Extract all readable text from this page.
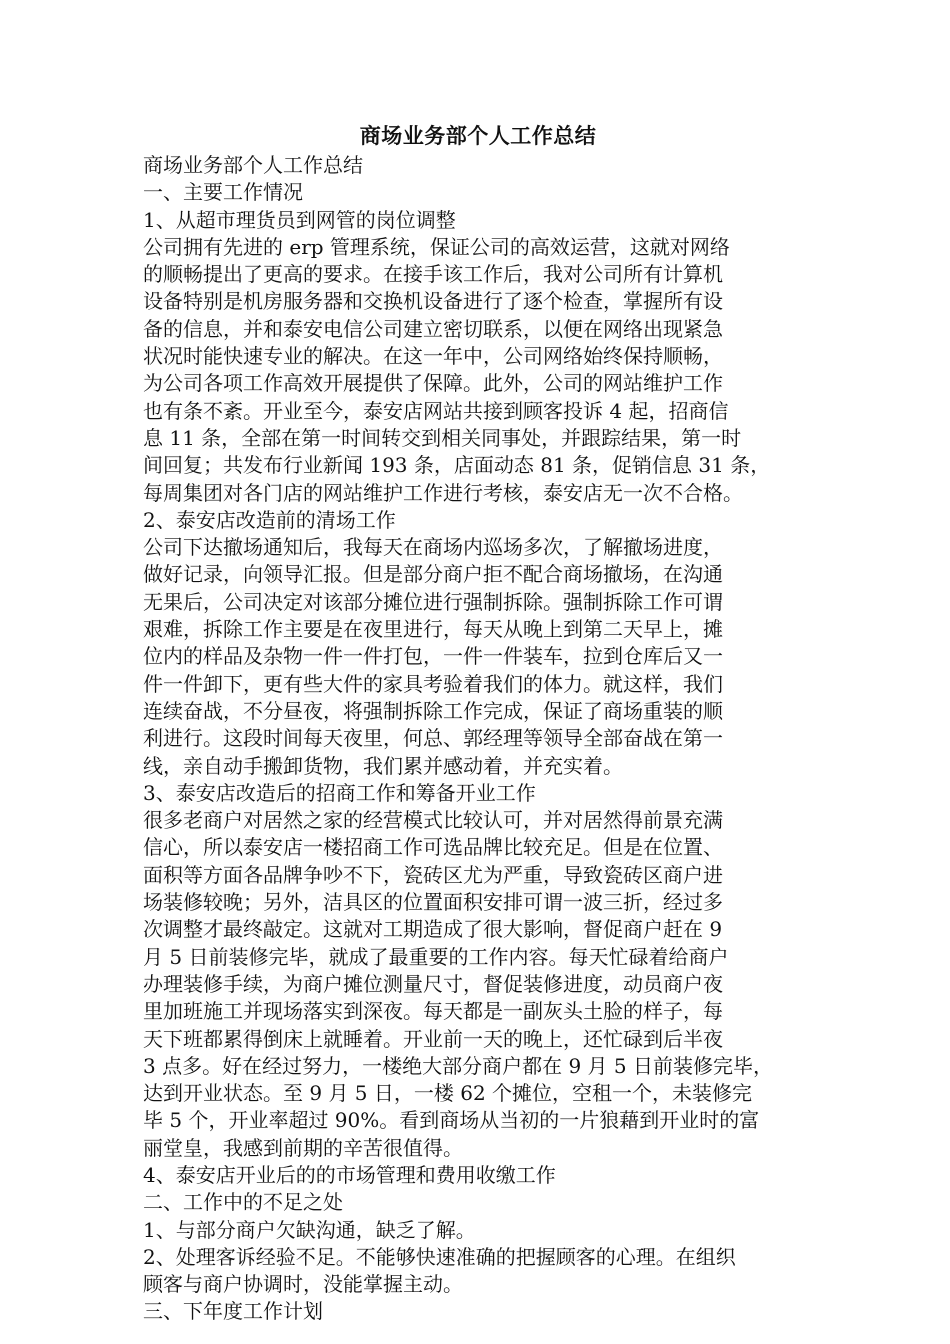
商场业务部个人工作总结

商场业务部个人工作总结

一、主要工作情况

1、从超市理货员到网管的岗位调整

公司拥有先进的 erp 管理系统，保证公司的高效运营，这就对网络
的顺畅提出了更高的要求。在接手该工作后，我对公司所有计算机
设备特别是机房服务器和交换机设备进行了逐个检查，掌握所有设
备的信息，并和泰安电信公司建立密切联系，以便在网络出现紧急
状况时能快速专业的解决。在这一年中，公司网络始终保持顺畅，
为公司各项工作高效开展提供了保障。此外，公司的网站维护工作
也有条不紊。开业至今，泰安店网站共接到顾客投诉 4 起，招商信
息 11 条，全部在第一时间转交到相关同事处，并跟踪结果，第一时
间回复；共发布行业新闻 193 条，店面动态 81 条，促销信息 31 条，
每周集团对各门店的网站维护工作进行考核，泰安店无一次不合格。

2、泰安店改造前的清场工作

公司下达撤场通知后，我每天在商场内巡场多次，了解撤场进度，
做好记录，向领导汇报。但是部分商户拒不配合商场撤场，在沟通
无果后，公司决定对该部分摊位进行强制拆除。强制拆除工作可谓
艰难，拆除工作主要是在夜里进行，每天从晚上到第二天早上，摊
位内的样品及杂物一件一件打包，一件一件装车，拉到仓库后又一
件一件卸下，更有些大件的家具考验着我们的体力。就这样，我们
连续奋战，不分昼夜，将强制拆除工作完成，保证了商场重装的顺
利进行。这段时间每天夜里，何总、郭经理等领导全部奋战在第一
线，亲自动手搬卸货物，我们累并感动着，并充实着。

3、泰安店改造后的招商工作和筹备开业工作

很多老商户对居然之家的经营模式比较认可，并对居然得前景充满
信心，所以泰安店一楼招商工作可选品牌比较充足。但是在位置、
面积等方面各品牌争吵不下，瓷砖区尤为严重，导致瓷砖区商户进
场装修较晚；另外，洁具区的位置面积安排可谓一波三折，经过多
次调整才最终敲定。这就对工期造成了很大影响，督促商户赶在 9
月 5 日前装修完毕，就成了最重要的工作内容。每天忙碌着给商户
办理装修手续，为商户摊位测量尺寸，督促装修进度，动员商户夜
里加班施工并现场落实到深夜。每天都是一副灰头土脸的样子，每
天下班都累得倒床上就睡着。开业前一天的晚上，还忙碌到后半夜
3 点多。好在经过努力，一楼绝大部分商户都在 9 月 5 日前装修完毕，
达到开业状态。至 9 月 5 日，一楼 62 个摊位，空租一个，未装修完
毕 5 个，开业率超过 90%。看到商场从当初的一片狼藉到开业时的富
丽堂皇，我感到前期的辛苦很值得。

4、泰安店开业后的的市场管理和费用收缴工作

二、工作中的不足之处

1、与部分商户欠缺沟通，缺乏了解。

2、处理客诉经验不足。不能够快速准确的把握顾客的心理。在组织
顾客与商户协调时，没能掌握主动。

三、下年度工作计划
